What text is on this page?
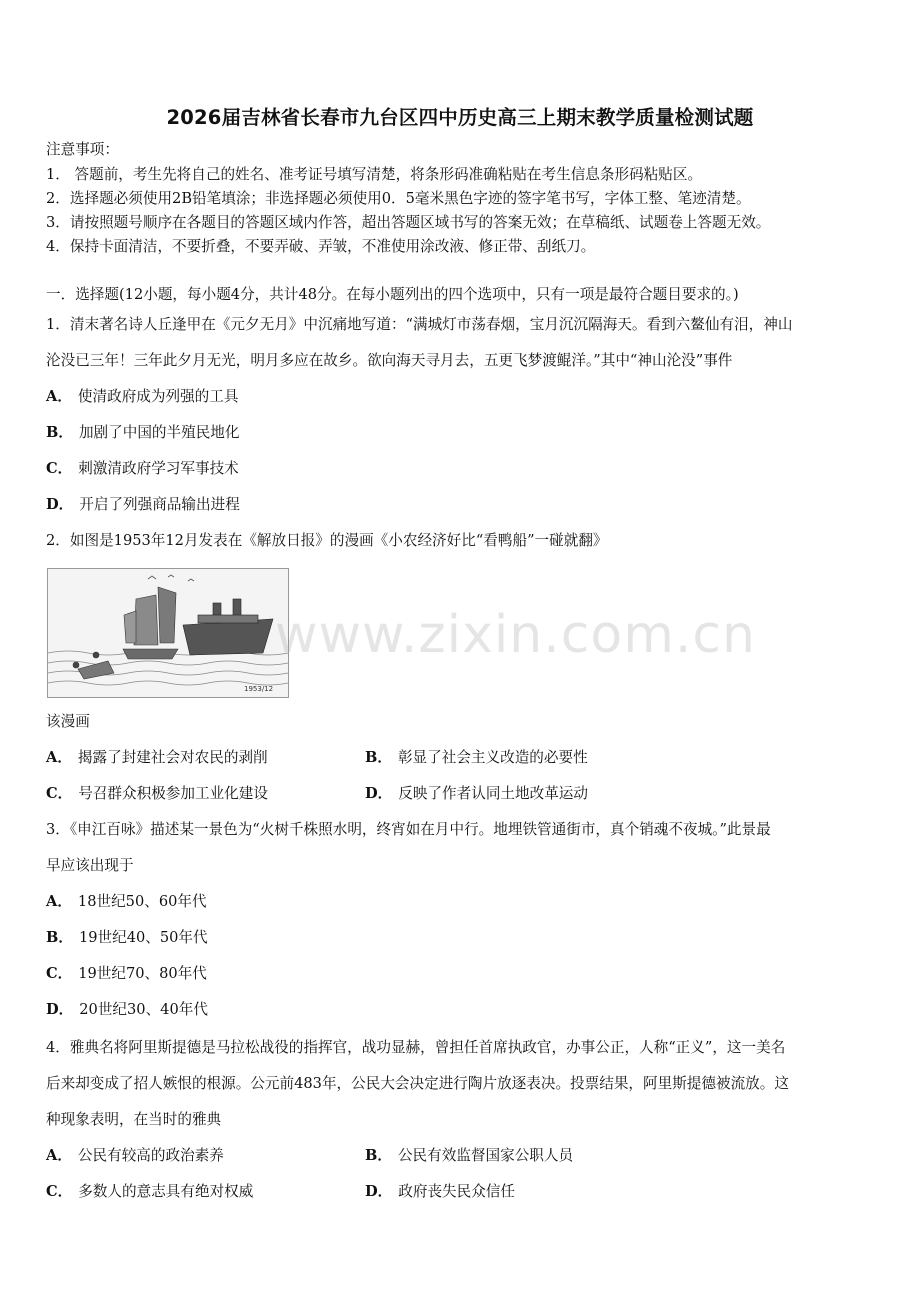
2026届吉林省长春市九台区四中历史高三上期末教学质量检测试题
注意事项：
1． 答题前，考生先将自己的姓名、准考证号填写清楚，将条形码准确粘贴在考生信息条形码粘贴区。
2．选择题必须使用2B铅笔填涂；非选择题必须使用0．5毫米黑色字迹的签字笔书写，字体工整、笔迹清楚。
3．请按照题号顺序在各题目的答题区域内作答，超出答题区域书写的答案无效；在草稿纸、试题卷上答题无效。
4．保持卡面清洁，不要折叠，不要弄破、弄皱，不准使用涂改液、修正带、刮纸刀。
一．选择题(12小题，每小题4分，共计48分。在每小题列出的四个选项中，只有一项是最符合题目要求的。)
1．清末著名诗人丘逢甲在《元夕无月》中沉痛地写道：“满城灯市荡春烟，宝月沉沉隔海天。看到六鳌仙有泪，神山
沦没已三年！三年此夕月无光，明月多应在故乡。欲向海天寻月去，五更飞梦渡鲲洋。”其中“神山沦没”事件
A． 使清政府成为列强的工具
B． 加剧了中国的半殖民地化
C． 刺激清政府学习军事技术
D． 开启了列强商品输出进程
2．如图是1953年12月发表在《解放日报》的漫画《小农经济好比“看鸭船”一碰就翻》
1953/12
www.zixin.com.cn
该漫画
A． 揭露了封建社会对农民的剥削	B． 彰显了社会主义改造的必要性
C． 号召群众积极参加工业化建设	D． 反映了作者认同土地改革运动
3．《申江百咏》描述某一景色为“火树千株照水明，终宵如在月中行。地埋铁管通街市，真个销魂不夜城。”此景最
早应该出现于
A． 18世纪50、60年代
B． 19世纪40、50年代
C． 19世纪70、80年代
D． 20世纪30、40年代
4．雅典名将阿里斯提德是马拉松战役的指挥官，战功显赫，曾担任首席执政官，办事公正，人称“正义”，这一美名
后来却变成了招人嫉恨的根源。公元前483年，公民大会决定进行陶片放逐表决。投票结果，阿里斯提德被流放。这
种现象表明，在当时的雅典
A． 公民有较高的政治素养	B． 公民有效监督国家公职人员
C． 多数人的意志具有绝对权威	D． 政府丧失民众信任
